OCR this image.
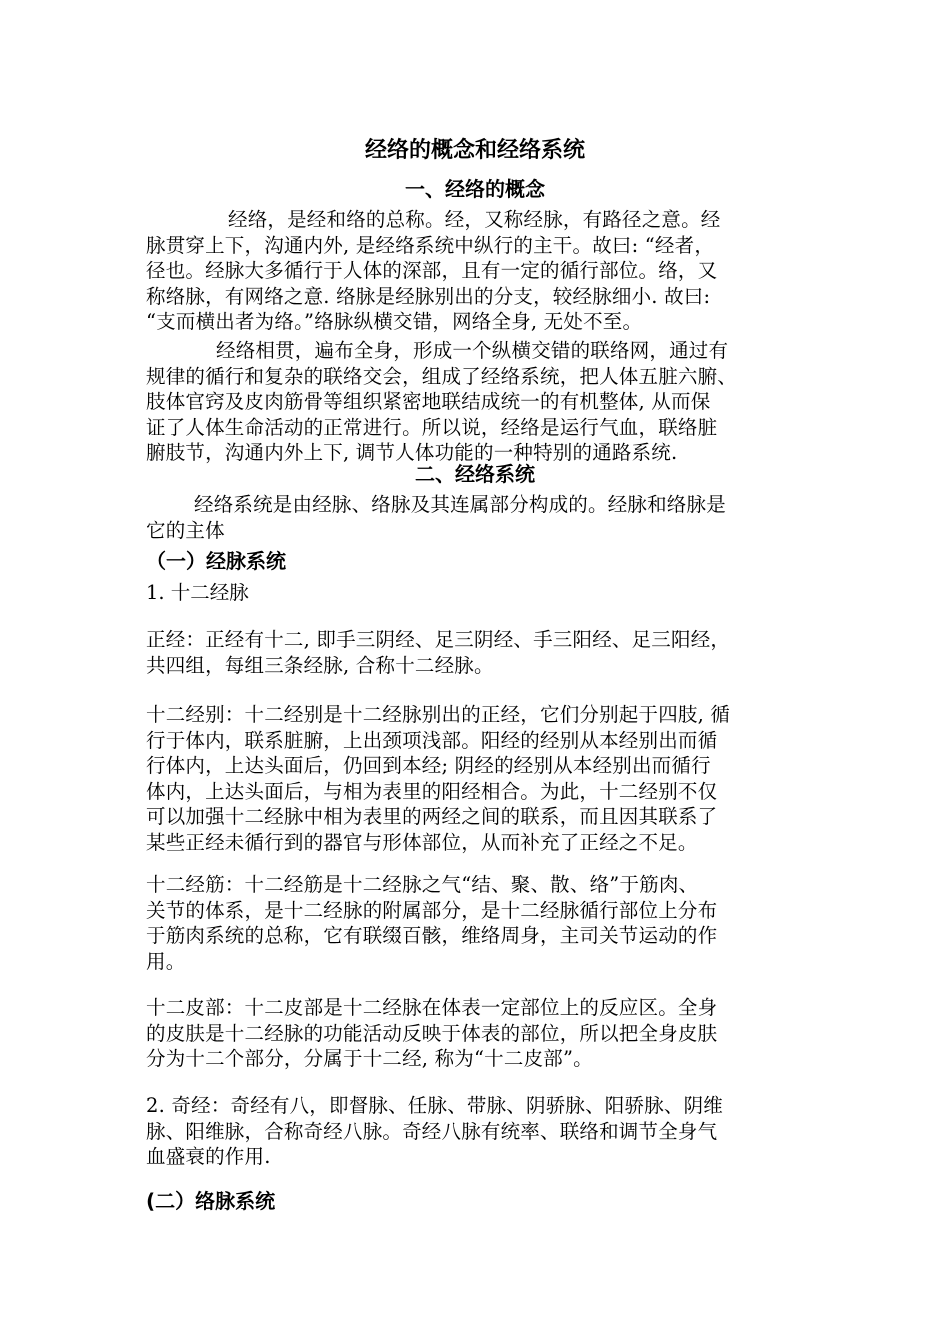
经络的概念和经络系统
一、经络的概念
经络，是经和络的总称。经，又称经脉，有路径之意。经
脉贯穿上下，沟通内外, 是经络系统中纵行的主干。故曰: “经者，
径也。经脉大多循行于人体的深部，且有一定的循行部位。络，又
称络脉，有网络之意. 络脉是经脉别出的分支，较经脉细小. 故曰:
“支而横出者为络。”络脉纵横交错，网络全身, 无处不至。
经络相贯，遍布全身，形成一个纵横交错的联络网，通过有
规律的循行和复杂的联络交会，组成了经络系统，把人体五脏六腑、
肢体官窍及皮肉筋骨等组织紧密地联结成统一的有机整体, 从而保
证了人体生命活动的正常进行。所以说，经络是运行气血，联络脏
腑肢节，沟通内外上下, 调节人体功能的一种特别的通路系统.
二、经络系统
经络系统是由经脉、络脉及其连属部分构成的。经脉和络脉是
它的主体
（一）经脉系统
1. 十二经脉
正经：正经有十二, 即手三阴经、足三阴经、手三阳经、足三阳经，
共四组，每组三条经脉, 合称十二经脉。
十二经别：十二经别是十二经脉别出的正经，它们分别起于四肢, 循
行于体内，联系脏腑，上出颈项浅部。阳经的经别从本经别出而循
行体内，上达头面后，仍回到本经; 阴经的经别从本经别出而循行
体内，上达头面后，与相为表里的阳经相合。为此，十二经别不仅
可以加强十二经脉中相为表里的两经之间的联系，而且因其联系了
某些正经未循行到的器官与形体部位，从而补充了正经之不足。
十二经筋：十二经筋是十二经脉之气“结、聚、散、络”于筋肉、
关节的体系，是十二经脉的附属部分，是十二经脉循行部位上分布
于筋肉系统的总称，它有联缀百骸，维络周身，主司关节运动的作
用。
十二皮部：十二皮部是十二经脉在体表一定部位上的反应区。全身
的皮肤是十二经脉的功能活动反映于体表的部位，所以把全身皮肤
分为十二个部分，分属于十二经, 称为“十二皮部”。
2. 奇经：奇经有八，即督脉、任脉、带脉、阴骄脉、阳骄脉、阴维
脉、阳维脉，合称奇经八脉。奇经八脉有统率、联络和调节全身气
血盛衰的作用.
(二）络脉系统
